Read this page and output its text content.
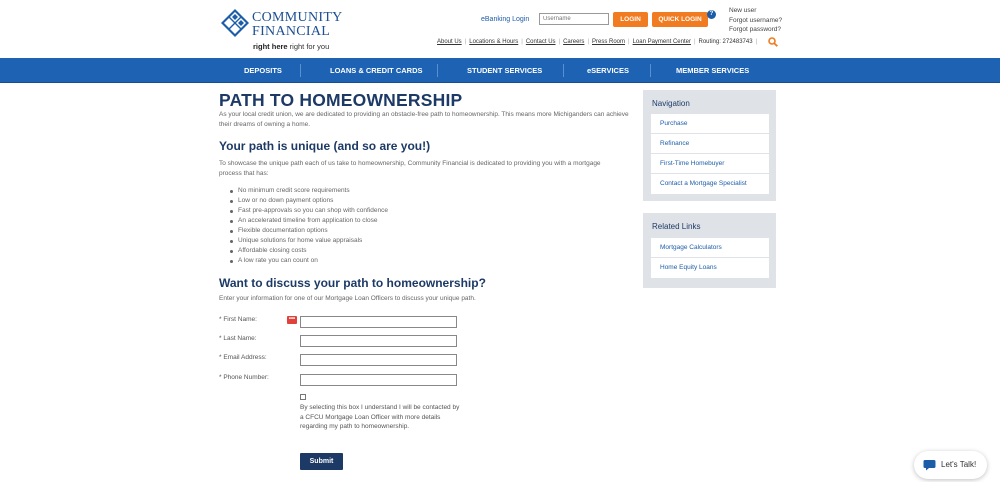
COMMUNITY
FINANCIAL
right here right for you
eBanking Login
Username	LOGIN	QUICK LOGIN
?	New user
Forgot username?
Forgot password?
About Us | Locations & Hours | Contact Us | Careers | Press Room | Loan Payment Center | Routing: 272483743 |
DEPOSITS	LOANS & CREDIT CARDS	STUDENT SERVICES	eSERVICES	MEMBER SERVICES
PATH TO HOMEOWNERSHIP

As your local credit union, we are dedicated to providing an obstacle-free path to homeownership. This means more Michiganders can achieve their dreams of owning a home.

Your path is unique (and so are you!)

To showcase the unique path each of us take to homeownership, Community Financial is dedicated to providing you with a mortgage process that has:

No minimum credit score requirements
Low or no down payment options
Fast pre-approvals so you can shop with confidence
An accelerated timeline from application to close
Flexible documentation options
Unique solutions for home value appraisals
Affordable closing costs
A low rate you can count on
Want to discuss your path to homeownership?

Enter your information for one of our Mortgage Loan Officers to discuss your unique path.

* First Name:	•••
* Last Name:
* Email Address:
* Phone Number:

By selecting this box I understand I will be contacted by a CFCU Mortgage Loan Officer with more details regarding my path to homeownership.

Submit
Navigation
Purchase
Refinance
First-Time Homebuyer
Contact a Mortgage Specialist
Related Links
Mortgage Calculators
Home Equity Loans
Let's Talk!
